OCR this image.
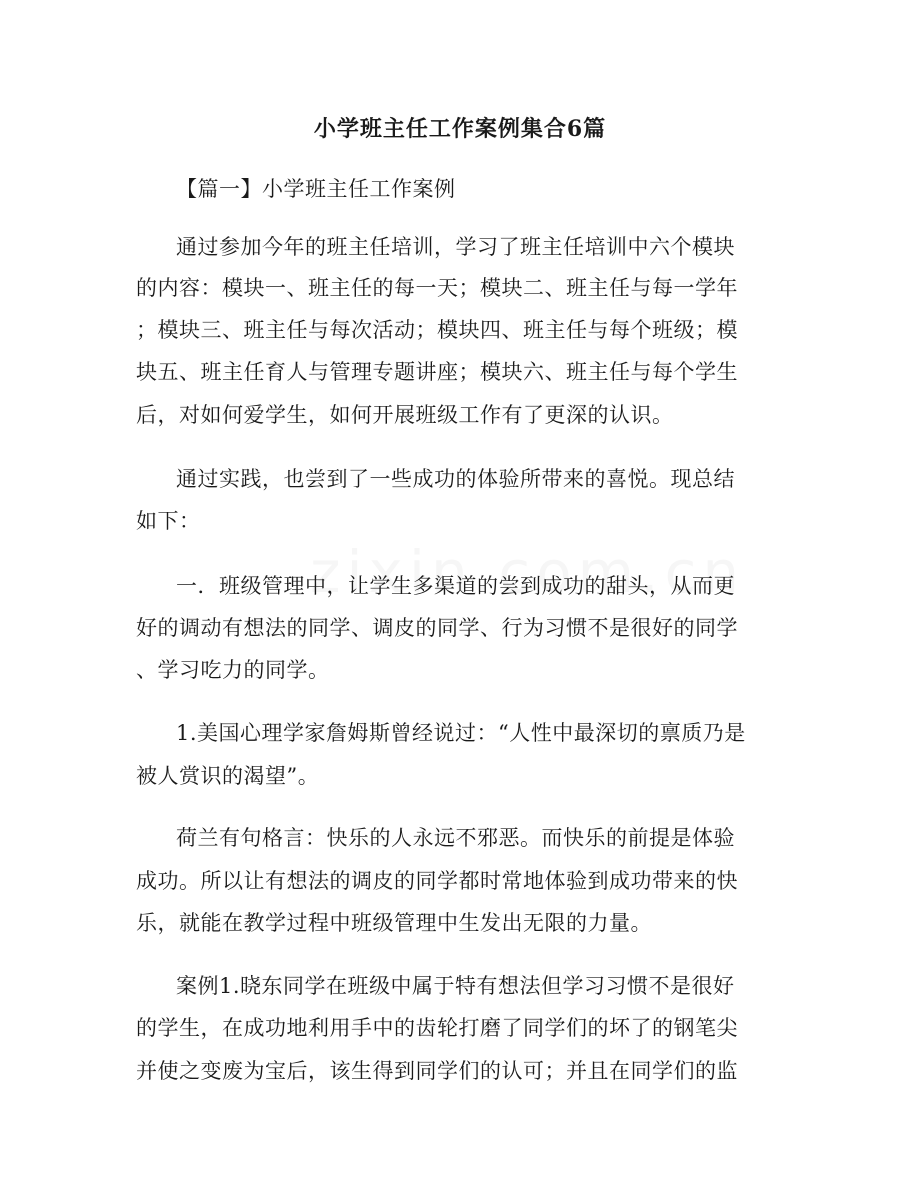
小学班主任工作案例集合6篇
【篇一】小学班主任工作案例
通过参加今年的班主任培训，学习了班主任培训中六个模块
的内容：模块一、班主任的每一天；模块二、班主任与每一学年
；模块三、班主任与每次活动；模块四、班主任与每个班级；模
块五、班主任育人与管理专题讲座；模块六、班主任与每个学生
后，对如何爱学生，如何开展班级工作有了更深的认识。
通过实践，也尝到了一些成功的体验所带来的喜悦。现总结
如下：
一．班级管理中，让学生多渠道的尝到成功的甜头，从而更
好的调动有想法的同学、调皮的同学、行为习惯不是很好的同学
、学习吃力的同学。
1.美国心理学家詹姆斯曾经说过：“人性中最深切的禀质乃是
被人赏识的渴望”。
荷兰有句格言：快乐的人永远不邪恶。而快乐的前提是体验
成功。所以让有想法的调皮的同学都时常地体验到成功带来的快
乐，就能在教学过程中班级管理中生发出无限的力量。
案例1.晓东同学在班级中属于特有想法但学习习惯不是很好
的学生，在成功地利用手中的齿轮打磨了同学们的坏了的钢笔尖
并使之变废为宝后，该生得到同学们的认可；并且在同学们的监
